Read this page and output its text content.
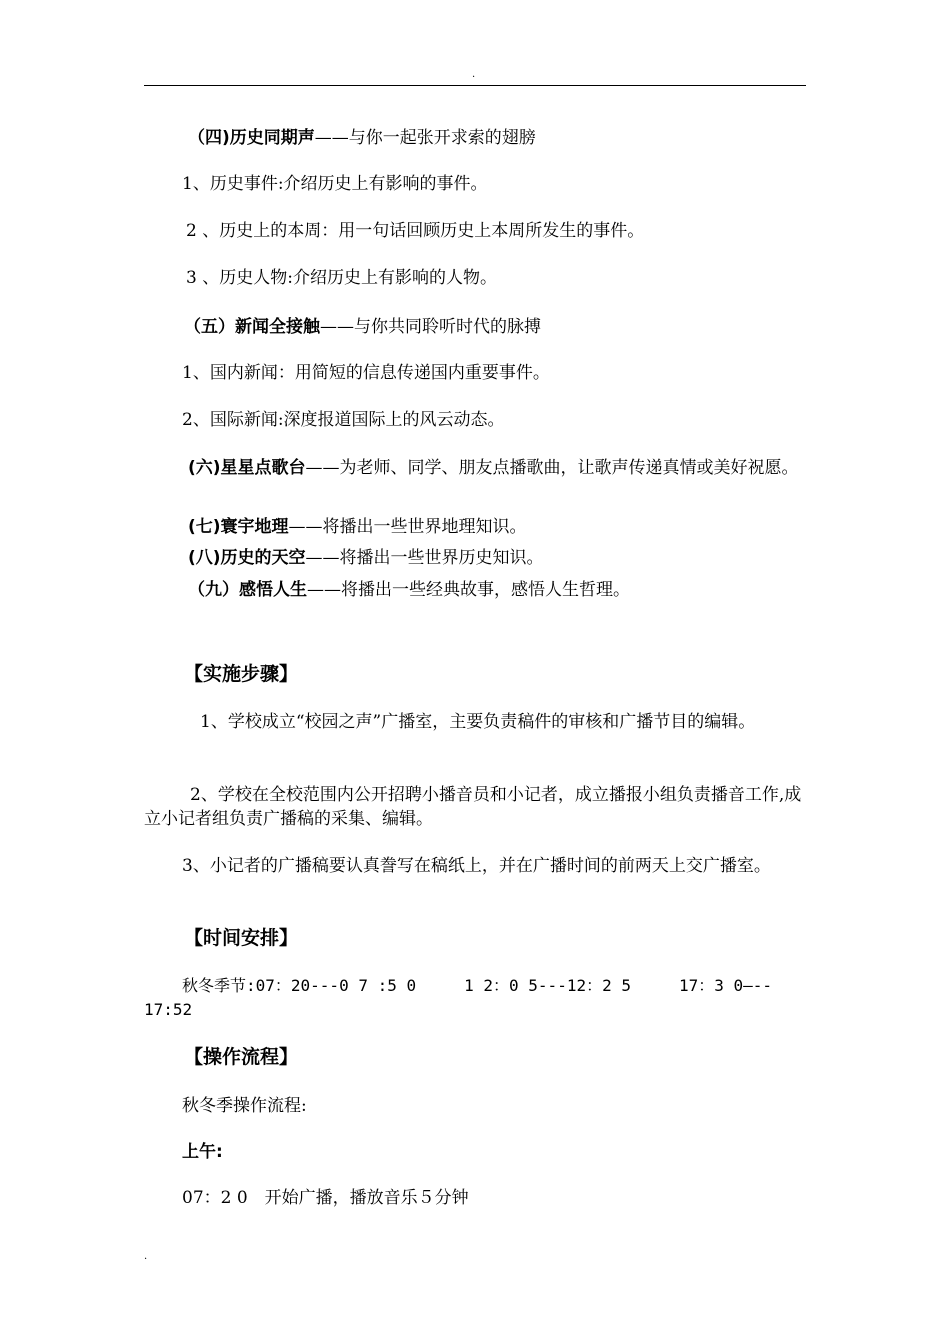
.
（四)历史同期声——与你一起张开求索的翅膀
1、历史事件:介绍历史上有影响的事件。
2 、历史上的本周：用一句话回顾历史上本周所发生的事件。
3 、历史人物:介绍历史上有影响的人物。
（五）新闻全接触——与你共同聆听时代的脉搏
1、国内新闻：用简短的信息传递国内重要事件。
2、国际新闻:深度报道国际上的风云动态。
(六)星星点歌台——为老师、同学、朋友点播歌曲，让歌声传递真情或美好祝愿。
(七)寰宇地理——将播出一些世界地理知识。
(八)历史的天空——将播出一些世界历史知识。
（九）感悟人生——将播出一些经典故事，感悟人生哲理。
【实施步骤】
1、学校成立“校园之声”广播室，主要负责稿件的审核和广播节目的编辑。
2、学校在全校范围内公开招聘小播音员和小记者，成立播报小组负责播音工作,成立小记者组负责广播稿的采集、编辑。
3、小记者的广播稿要认真誊写在稿纸上，并在广播时间的前两天上交广播室。
【时间安排】
秋冬季节:07：20---0 7 :5 0　　　1 2：0 5---12：2 5　　　17：3 0—-- 17:52
【操作流程】
秋冬季操作流程:
上午:
07：2 0　开始广播，播放音乐５分钟
.
